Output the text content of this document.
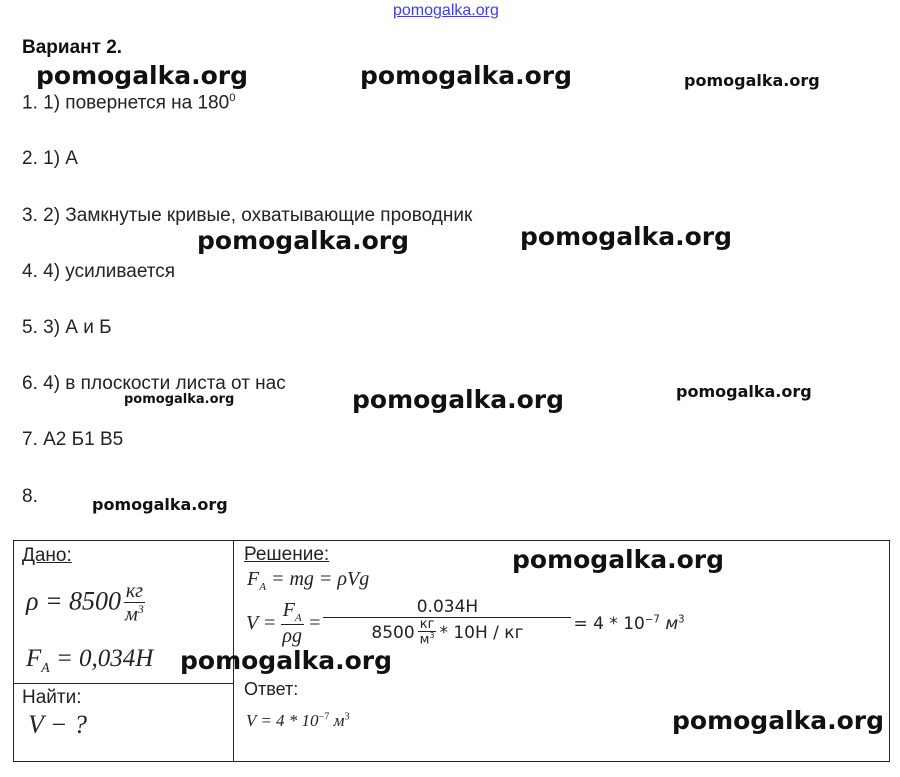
pomogalka.org
Вариант 2.
1. 1) повернется на $180^0$
2. 1) А
3. 2) Замкнутые кривые, охватывающие проводник
4. 4) усиливается
5. 3) А и Б
6. 4) в плоскости листа от нас
7. А2 Б1 В5
8.
Дано:
$\rho = 8500 \frac{кг}{м^3}$
$F_A = 0,034H$

Решение:
$F_A$ = mg = ρVg
$V = \frac{F_A}{\rho g} = \frac{0.034H}{8500 \frac{кг}{м^3} * 10H / кг} = 4 * 10^{-7}$ $м^3$
Ответ:
$V = 4 * 10^{-7}$ $м^3$

Найти:
V − ?
pomogalka.org	pomogalka.org	pomogalka.org
pomogalka.org	pomogalka.org
pomogalka.org	pomogalka.org	pomogalka.org
pomogalka.org
pomogalka.org
pomogalka.org
pomogalka.org
